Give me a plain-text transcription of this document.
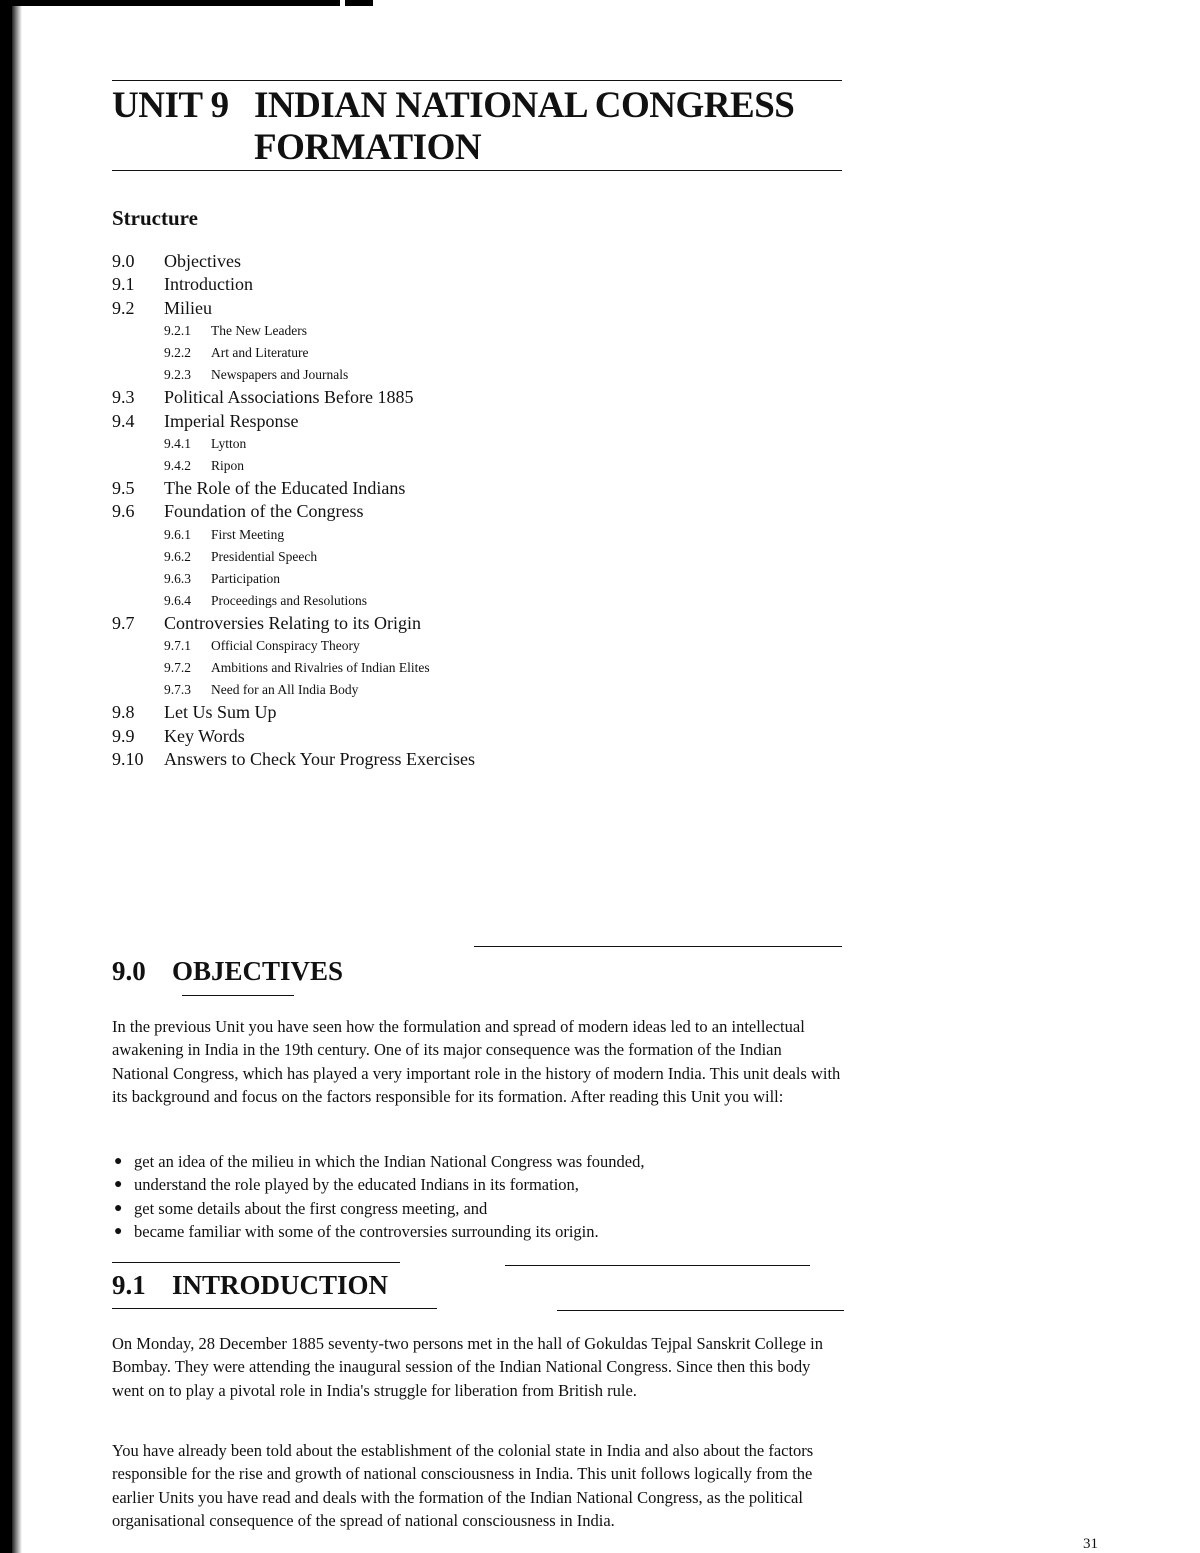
UNIT 9 INDIAN NATIONAL CONGRESS
FORMATION
Structure
9.0 Objectives
9.1 Introduction
9.2 Milieu
9.2.1 The New Leaders
9.2.2 Art and Literature
9.2.3 Newspapers and Journals
9.3 Political Associations Before 1885
9.4 Imperial Response
9.4.1 Lytton
9.4.2 Ripon
9.5 The Role of the Educated Indians
9.6 Foundation of the Congress
9.6.1 First Meeting
9.6.2 Presidential Speech
9.6.3 Participation
9.6.4 Proceedings and Resolutions
9.7 Controversies Relating to its Origin
9.7.1 Official Conspiracy Theory
9.7.2 Ambitions and Rivalries of Indian Elites
9.7.3 Need for an All India Body
9.8 Let Us Sum Up
9.9 Key Words
9.10 Answers to Check Your Progress Exercises
9.0 OBJECTIVES

In the previous Unit you have seen how the formulation and spread of modern ideas led to an intellectual awakening in India in the 19th century. One of its major consequence was the formation of the Indian National Congress, which has played a very important role in the history of modern India. This unit deals with its background and focus on the factors responsible for its formation. After reading this Unit you will:

● get an idea of the milieu in which the Indian National Congress was founded,
● understand the role played by the educated Indians in its formation,
● get some details about the first congress meeting, and
● became familiar with some of the controversies surrounding its origin.
9.1 INTRODUCTION

On Monday, 28 December 1885 seventy-two persons met in the hall of Gokuldas Tejpal Sanskrit College in Bombay. They were attending the inaugural session of the Indian National Congress. Since then this body went on to play a pivotal role in India's struggle for liberation from British rule.

You have already been told about the establishment of the colonial state in India and also about the factors responsible for the rise and growth of national consciousness in India. This unit follows logically from the earlier Units you have read and deals with the formation of the Indian National Congress, as the political organisational consequence of the spread of national consciousness in India.

31
